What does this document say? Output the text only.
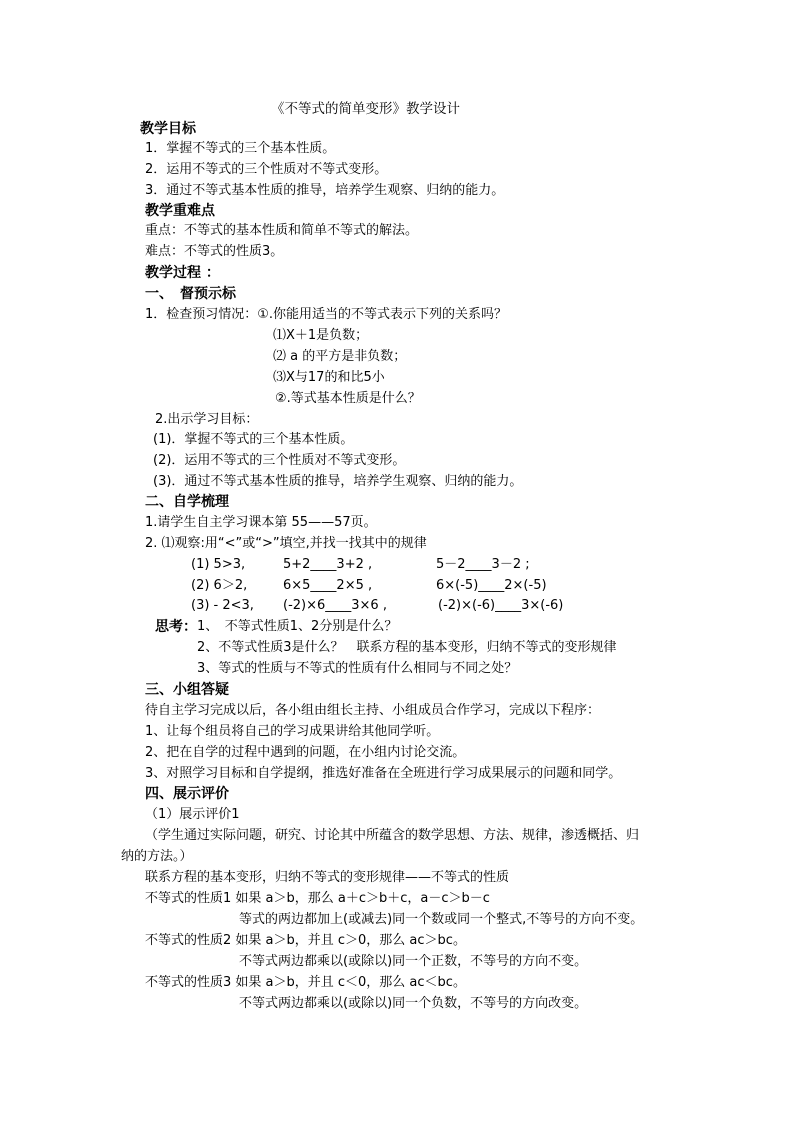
《不等式的简单变形》教学设计
教学目标
1．掌握不等式的三个基本性质。
2．运用不等式的三个性质对不等式变形。
3．通过不等式基本性质的推导，培养学生观察、归纳的能力。
教学重难点
重点：不等式的基本性质和简单不等式的解法。
难点：不等式的性质3。
教学过程 ：
一、　督预示标
1．检查预习情况：①.你能用适当的不等式表示下列的关系吗？
⑴X＋1是负数；
⑵ a 的平方是非负数；
⑶X与17的和比5小
②.等式基本性质是什么？
2.出示学习目标：
(1)．掌握不等式的三个基本性质。
(2)．运用不等式的三个性质对不等式变形。
(3)．通过不等式基本性质的推导，培养学生观察、归纳的能力。
二、自学梳理
1.请学生自主学习课本第 55——57页。
2. ⑴观察:用“<”或“>”填空,并找一找其中的规律
(1) 5>3,	5+2____3+2 ,	5－2____3－2 ;
(2) 6＞2,	6×5____2×5 ,	6×(-5)____2×(-5)
(3) - 2<3, (-2)×6____3×6 ,	(-2)×(-6)____3×(-6)
思考： 1、　不等式性质1、2分别是什么？
2、不等式性质3是什么？　联系方程的基本变形，归纳不等式的变形规律
3、等式的性质与不等式的性质有什么相同与不同之处？
三、小组答疑
待自主学习完成以后，各小组由组长主持、小组成员合作学习，完成以下程序：
1、让每个组员将自己的学习成果讲给其他同学听。
2、把在自学的过程中遇到的问题，在小组内讨论交流。
3、对照学习目标和自学提纲，推选好准备在全班进行学习成果展示的问题和同学。
四、展示评价
（1）展示评价1
（学生通过实际问题，研究、讨论其中所蕴含的数学思想、方法、规律，渗透概括、归
纳的方法。）
联系方程的基本变形，归纳不等式的变形规律——不等式的性质
不等式的性质1 如果 a＞b，那么 a＋c＞b＋c，a－c＞b－c
等式的两边都加上(或减去)同一个数或同一个整式,不等号的方向不变。
不等式的性质2 如果 a＞b，并且 c＞0，那么 ac＞bc。
不等式两边都乘以(或除以)同一个正数，不等号的方向不变。
不等式的性质3 如果 a＞b，并且 c＜0，那么 ac＜bc。
不等式两边都乘以(或除以)同一个负数，不等号的方向改变。
